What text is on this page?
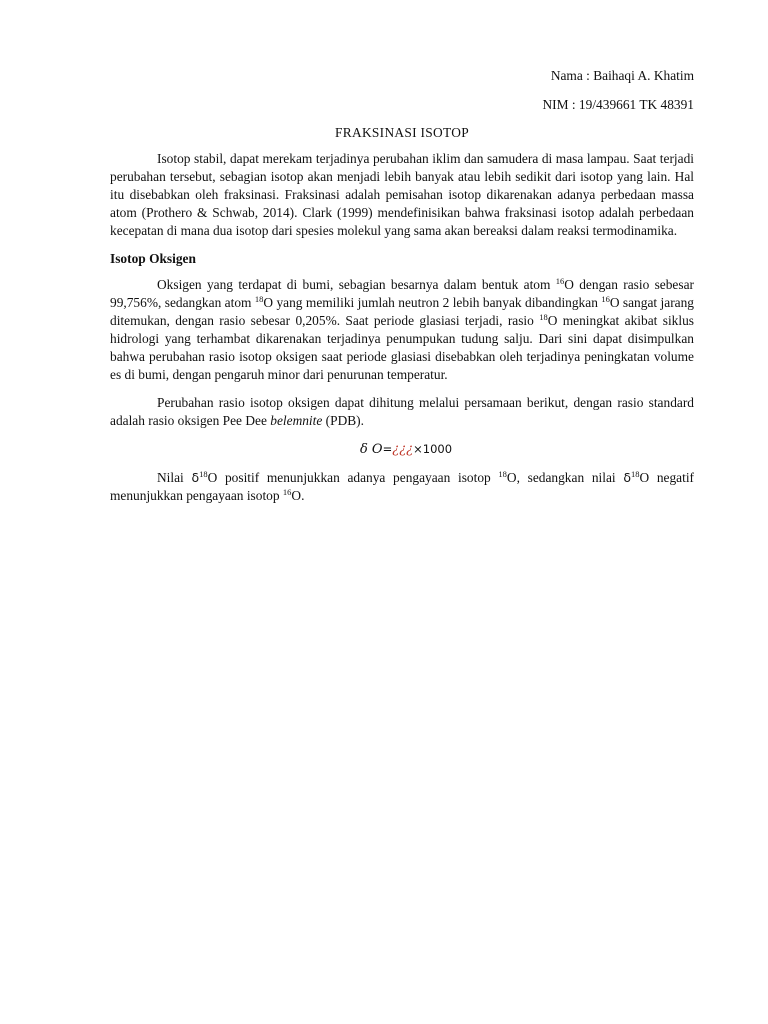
Nama : Baihaqi A. Khatim
NIM : 19/439661 TK 48391
FRAKSINASI ISOTOP

Isotop stabil, dapat merekam terjadinya perubahan iklim dan samudera di masa lampau. Saat terjadi perubahan tersebut, sebagian isotop akan menjadi lebih banyak atau lebih sedikit dari isotop yang lain. Hal itu disebabkan oleh fraksinasi. Fraksinasi adalah pemisahan isotop dikarenakan adanya perbedaan massa atom (Prothero & Schwab, 2014). Clark (1999) mendefinisikan bahwa fraksinasi isotop adalah perbedaan kecepatan di mana dua isotop dari spesies molekul yang sama akan bereaksi dalam reaksi termodinamika.

Isotop Oksigen

Oksigen yang terdapat di bumi, sebagian besarnya dalam bentuk atom $^{16}$O dengan rasio sebesar 99,756%, sedangkan atom $^{18}$O yang memiliki jumlah neutron 2 lebih banyak dibandingkan $^{16}$O sangat jarang ditemukan, dengan rasio sebesar 0,205%. Saat periode glasiasi terjadi, rasio $^{18}$O meningkat akibat siklus hidrologi yang terhambat dikarenakan terjadinya penumpukan tudung salju. Dari sini dapat disimpulkan bahwa perubahan rasio isotop oksigen saat periode glasiasi disebabkan oleh terjadinya peningkatan volume es di bumi, dengan pengaruh minor dari penurunan temperatur.

Perubahan rasio isotop oksigen dapat dihitung melalui persamaan berikut, dengan rasio standard adalah rasio oksigen Pee Dee belemnite (PDB).

δ O=¿¿¿×1000

Nilai $\delta^{18}O$ positif menunjukkan adanya pengayaan isotop $^{18}$O, sedangkan nilai $\delta^{18}O$ negatif menunjukkan pengayaan isotop $^{16}$O.
